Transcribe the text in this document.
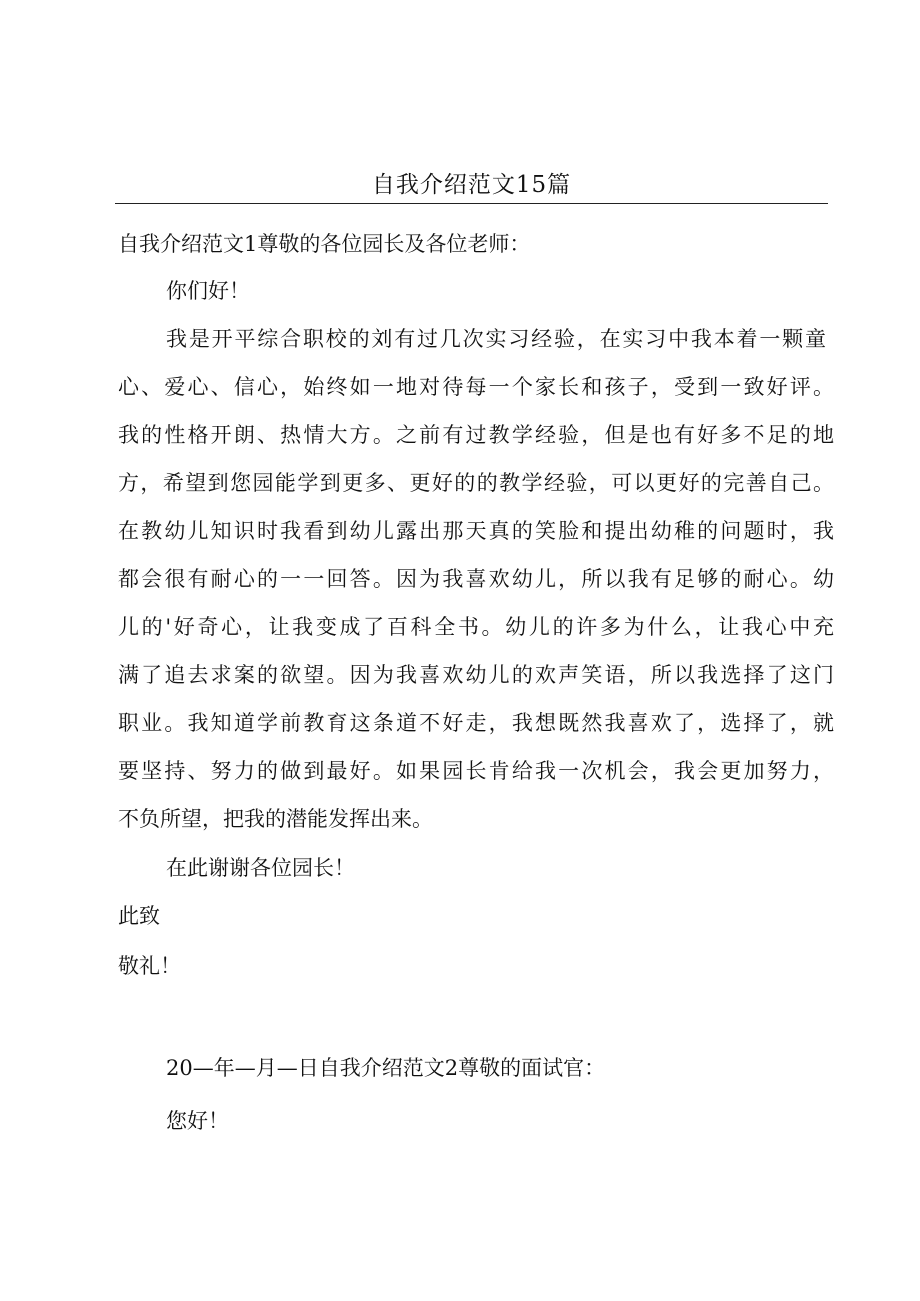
自我介绍范文15篇
自我介绍范文1尊敬的各位园长及各位老师：
你们好！
我是开平综合职校的刘有过几次实习经验，在实习中我本着一颗童
心、爱心、信心，始终如一地对待每一个家长和孩子，受到一致好评。
我的性格开朗、热情大方。之前有过教学经验，但是也有好多不足的地
方，希望到您园能学到更多、更好的的教学经验，可以更好的完善自己。
在教幼儿知识时我看到幼儿露出那天真的笑脸和提出幼稚的问题时，我
都会很有耐心的一一回答。因为我喜欢幼儿，所以我有足够的耐心。幼
儿的'好奇心，让我变成了百科全书。幼儿的许多为什么，让我心中充
满了追去求案的欲望。因为我喜欢幼儿的欢声笑语，所以我选择了这门
职业。我知道学前教育这条道不好走，我想既然我喜欢了，选择了，就
要坚持、努力的做到最好。如果园长肯给我一次机会，我会更加努力，
不负所望，把我的潜能发挥出来。
在此谢谢各位园长！
此致
敬礼！
20—年—月—日自我介绍范文2尊敬的面试官：
您好！
